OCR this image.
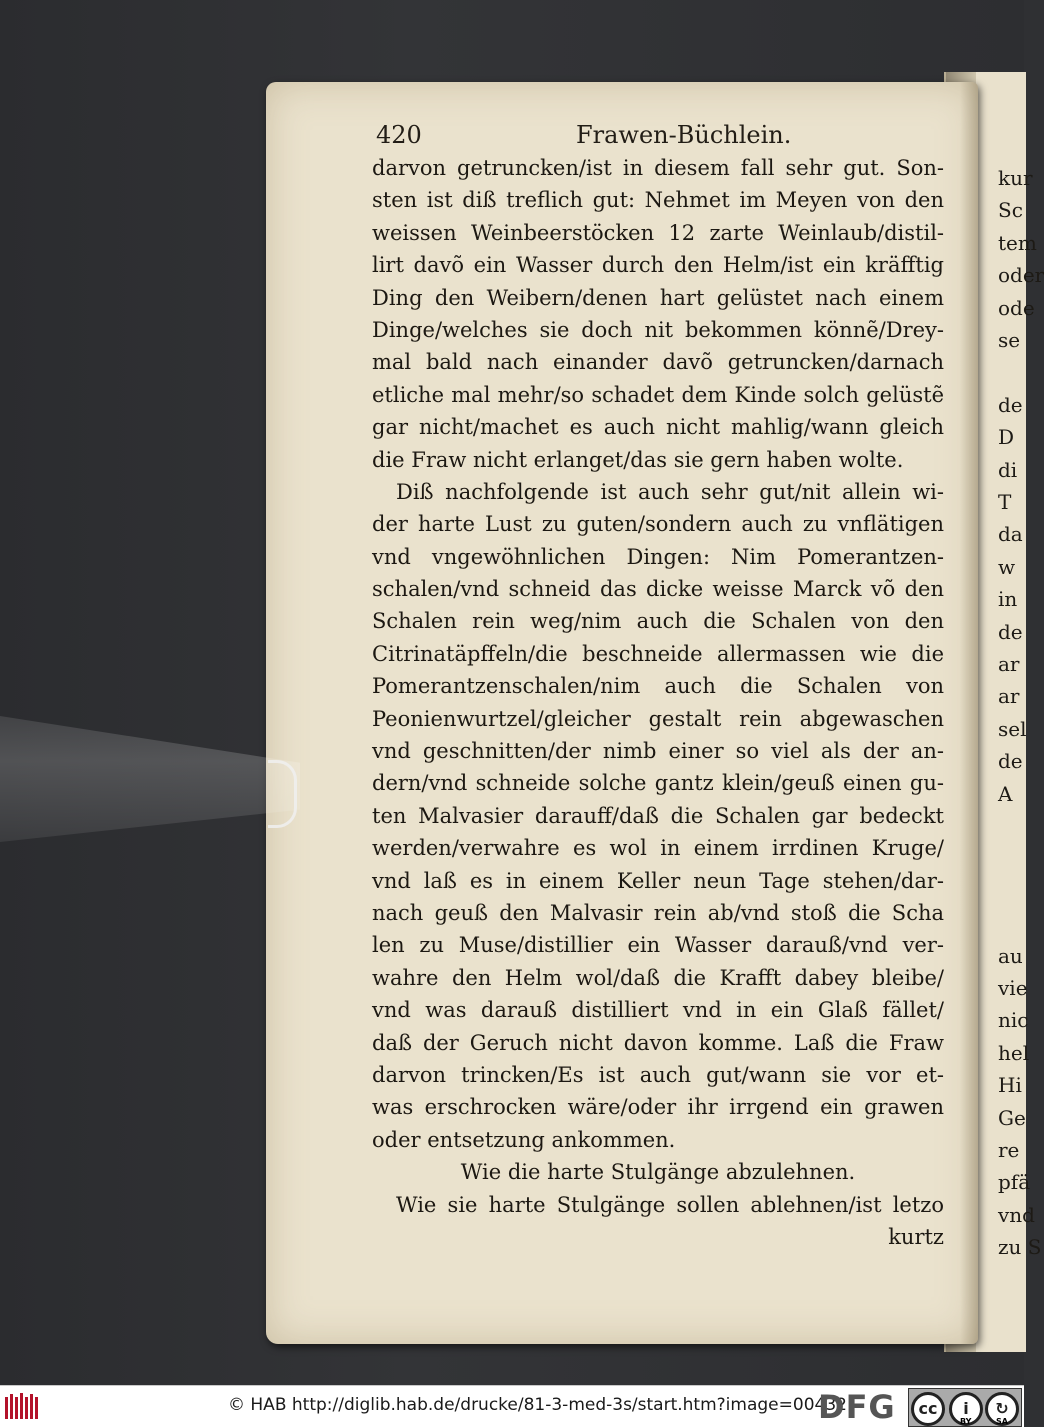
kur
Sc
tem
oder
ode
se
de
D
di
T
da
w
in
de
ar
ar
sel
de
A
au
vie
nic
hel
Hi
Ge
re
pfä
vnd
zu S
420	Frawen-Büchlein.
darvon getruncken/ist in diesem fall sehr gut. Son-
sten ist diß treflich gut: Nehmet im Meyen von den
weissen Weinbeerstöcken 12 zarte Weinlaub/distil-
lirt davõ ein Wasser durch den Helm/ist ein kräfftig
Ding den Weibern/denen hart gelüstet nach einem
Dinge/welches sie doch nit bekommen könnẽ/Drey-
mal bald nach einander davõ getruncken/darnach
etliche mal mehr/so schadet dem Kinde solch gelüstẽ
gar nicht/machet es auch nicht mahlig/wann gleich
die Fraw nicht erlanget/das sie gern haben wolte.
Diß nachfolgende ist auch sehr gut/nit allein wi-
der harte Lust zu guten/sondern auch zu vnflätigen
vnd vngewöhnlichen Dingen: Nim Pomerantzen-
schalen/vnd schneid das dicke weisse Marck võ den
Schalen rein weg/nim auch die Schalen von den
Citrinatäpffeln/die beschneide allermassen wie die
Pomerantzenschalen/nim auch die Schalen von
Peonienwurtzel/gleicher gestalt rein abgewaschen
vnd geschnitten/der nimb einer so viel als der an-
dern/vnd schneide solche gantz klein/geuß einen gu-
ten Malvasier darauff/daß die Schalen gar bedeckt
werden/verwahre es wol in einem irrdinen Kruge/
vnd laß es in einem Keller neun Tage stehen/dar-
nach geuß den Malvasir rein ab/vnd stoß die Scha
len zu Muse/distillier ein Wasser darauß/vnd ver-
wahre den Helm wol/daß die Krafft dabey bleibe/
vnd was darauß distilliert vnd in ein Glaß fället/
daß der Geruch nicht davon komme. Laß die Fraw
darvon trincken/Es ist auch gut/wann sie vor et-
was erschrocken wäre/oder ihr irrgend ein grawen
oder entsetzung ankommen.
Wie die harte Stulgänge abzulehnen.
Wie sie harte Stulgänge sollen ablehnen/ist letzo
kurtz
© HAB http://diglib.hab.de/drucke/81-3-med-3s/start.htm?image=00432
DFG	cc	i	↻
BY	SA
